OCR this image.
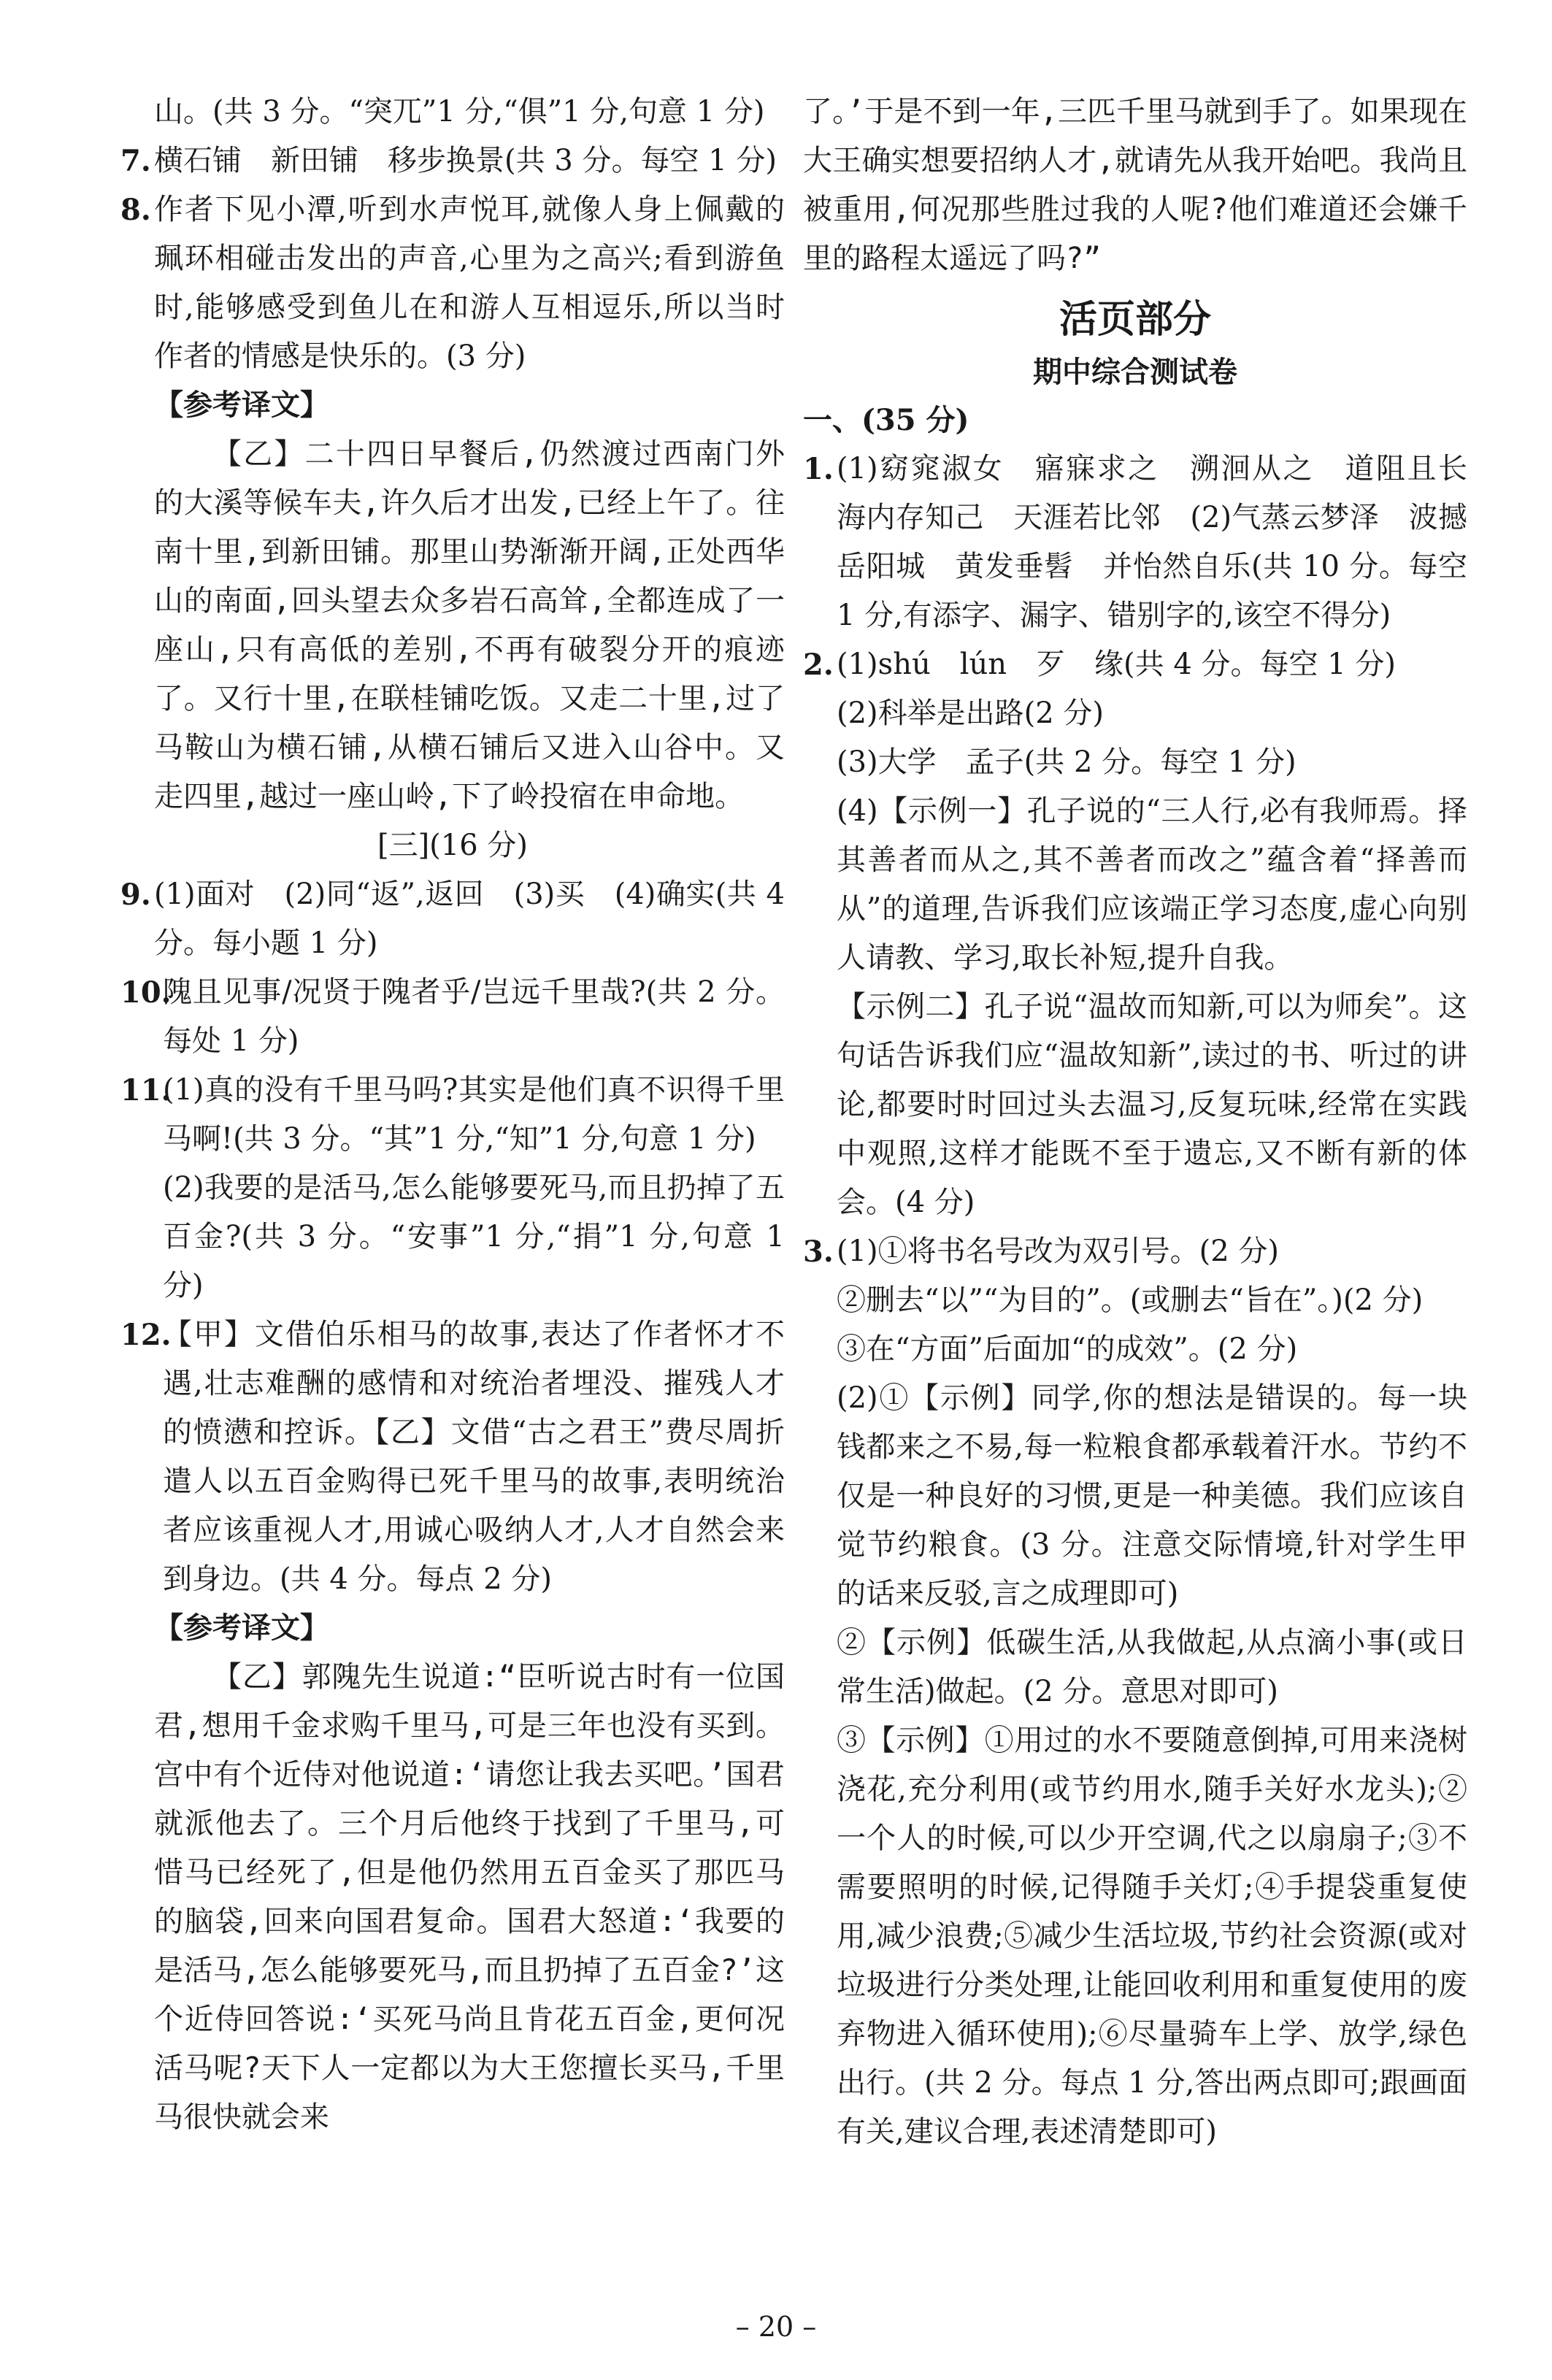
山。(共 3 分。“突兀”1 分,“俱”1 分,句意 1 分)

7. 横石铺　新田铺　移步换景(共 3 分。每空 1 分)
8. 作者下见小潭,听到水声悦耳,就像人身上佩戴的珮环相碰击发出的声音,心里为之高兴;看到游鱼时,能够感受到鱼儿在和游人互相逗乐,所以当时作者的情感是快乐的。(3 分)

【参考译文】

【乙】二十四日早餐后,仍然渡过西南门外的大溪等候车夫,许久后才出发,已经上午了。往南十里,到新田铺。那里山势渐渐开阔,正处西华山的南面,回头望去众多岩石高耸,全都连成了一座山,只有高低的差别,不再有破裂分开的痕迹了。又行十里,在联桂铺吃饭。又走二十里,过了马鞍山为横石铺,从横石铺后又进入山谷中。又走四里,越过一座山岭,下了岭投宿在申命地。

[三](16 分)

9. (1)面对　(2)同“返”,返回　(3)买　(4)确实(共 4 分。每小题 1 分)
10.
隗且见事/况贤于隗者乎/岂远千里哉?(共 2 分。每处 1 分)
11.
(1)真的没有千里马吗?其实是他们真不识得千里马啊!(共 3 分。“其”1 分,“知”1 分,句意 1 分)
(2)我要的是活马,怎么能够要死马,而且扔掉了五百金?(共 3 分。“安事”1 分,“捐”1 分,句意 1 分)
12.
【甲】文借伯乐相马的故事,表达了作者怀才不遇,壮志难酬的感情和对统治者埋没、摧残人才的愤懑和控诉。【乙】文借“古之君王”费尽周折遣人以五百金购得已死千里马的故事,表明统治者应该重视人才,用诚心吸纳人才,人才自然会来到身边。(共 4 分。每点 2 分)

【参考译文】

【乙】郭隗先生说道:“臣听说古时有一位国君,想用千金求购千里马,可是三年也没有买到。宫中有个近侍对他说道:‘请您让我去买吧。’国君就派他去了。三个月后他终于找到了千里马,可惜马已经死了,但是他仍然用五百金买了那匹马的脑袋,回来向国君复命。国君大怒道:‘我要的是活马,怎么能够要死马,而且扔掉了五百金?’这个近侍回答说:‘买死马尚且肯花五百金,更何况活马呢?天下人一定都以为大王您擅长买马,千里马很快就会来

了。’于是不到一年,三匹千里马就到手了。如果现在大王确实想要招纳人才,就请先从我开始吧。我尚且被重用,何况那些胜过我的人呢?他们难道还会嫌千里的路程太遥远了吗?”

活页部分

期中综合测试卷

一、(35 分)

1. (1)窈窕淑女　寤寐求之　溯洄从之　道阻且长　海内存知己　天涯若比邻　(2)气蒸云梦泽　波撼岳阳城　黄发垂髫　并怡然自乐(共 10 分。每空 1 分,有添字、漏字、错别字的,该空不得分)
2. (1)shú　lún　歹　缘(共 4 分。每空 1 分)
(2)科举是出路(2 分)
(3)大学　孟子(共 2 分。每空 1 分)
(4)【示例一】孔子说的“三人行,必有我师焉。择其善者而从之,其不善者而改之”蕴含着“择善而从”的道理,告诉我们应该端正学习态度,虚心向别人请教、学习,取长补短,提升自我。
【示例二】孔子说“温故而知新,可以为师矣”。这句话告诉我们应“温故知新”,读过的书、听过的讲论,都要时时回过头去温习,反复玩味,经常在实践中观照,这样才能既不至于遗忘,又不断有新的体会。(4 分)
3. (1)①将书名号改为双引号。(2 分)
②删去“以”“为目的”。(或删去“旨在”。)(2 分)
③在“方面”后面加“的成效”。(2 分)
(2)①【示例】同学,你的想法是错误的。每一块钱都来之不易,每一粒粮食都承载着汗水。节约不仅是一种良好的习惯,更是一种美德。我们应该自觉节约粮食。(3 分。注意交际情境,针对学生甲的话来反驳,言之成理即可)
②【示例】低碳生活,从我做起,从点滴小事(或日常生活)做起。(2 分。意思对即可)
③【示例】①用过的水不要随意倒掉,可用来浇树浇花,充分利用(或节约用水,随手关好水龙头);②一个人的时候,可以少开空调,代之以扇扇子;③不需要照明的时候,记得随手关灯;④手提袋重复使用,减少浪费;⑤减少生活垃圾,节约社会资源(或对垃圾进行分类处理,让能回收利用和重复使用的废弃物进入循环使用);⑥尽量骑车上学、放学,绿色出行。(共 2 分。每点 1 分,答出两点即可;跟画面有关,建议合理,表述清楚即可)
– 20 –
